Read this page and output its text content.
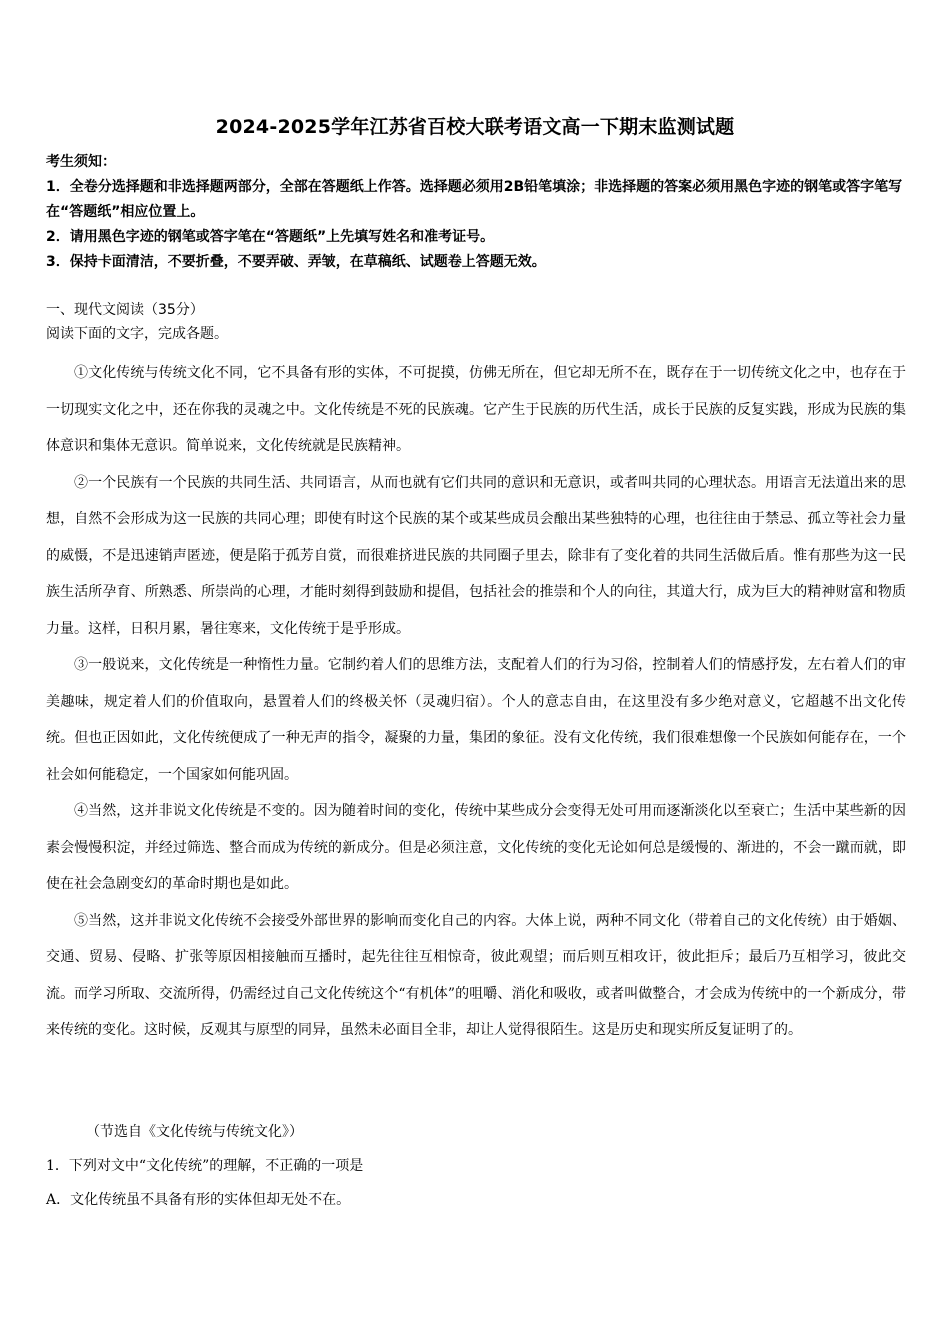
2024-2025学年江苏省百校大联考语文高一下期末监测试题
考生须知：
1．全卷分选择题和非选择题两部分，全部在答题纸上作答。选择题必须用2B铅笔填涂；非选择题的答案必须用黑色字迹的钢笔或答字笔写在“答题纸”相应位置上。
2．请用黑色字迹的钢笔或答字笔在“答题纸”上先填写姓名和准考证号。
3．保持卡面清洁，不要折叠，不要弄破、弄皱，在草稿纸、试题卷上答题无效。
一、现代文阅读（35分）
阅读下面的文字，完成各题。

①文化传统与传统文化不同，它不具备有形的实体，不可捉摸，仿佛无所在，但它却无所不在，既存在于一切传统文化之中，也存在于一切现实文化之中，还在你我的灵魂之中。文化传统是不死的民族魂。它产生于民族的历代生活，成长于民族的反复实践，形成为民族的集体意识和集体无意识。简单说来，文化传统就是民族精神。

②一个民族有一个民族的共同生活、共同语言，从而也就有它们共同的意识和无意识，或者叫共同的心理状态。用语言无法道出来的思想，自然不会形成为这一民族的共同心理；即使有时这个民族的某个或某些成员会酿出某些独特的心理，也往往由于禁忌、孤立等社会力量的威慑，不是迅速销声匿迹，便是陷于孤芳自赏，而很难挤进民族的共同圈子里去，除非有了变化着的共同生活做后盾。惟有那些为这一民族生活所孕育、所熟悉、所崇尚的心理，才能时刻得到鼓励和提倡，包括社会的推崇和个人的向往，其道大行，成为巨大的精神财富和物质力量。这样，日积月累，暑往寒来，文化传统于是乎形成。

③一般说来，文化传统是一种惰性力量。它制约着人们的思维方法，支配着人们的行为习俗，控制着人们的情感抒发，左右着人们的审美趣味，规定着人们的价值取向，悬置着人们的终极关怀（灵魂归宿）。个人的意志自由，在这里没有多少绝对意义，它超越不出文化传统。但也正因如此，文化传统便成了一种无声的指令，凝聚的力量，集团的象征。没有文化传统，我们很难想像一个民族如何能存在，一个社会如何能稳定，一个国家如何能巩固。

④当然，这并非说文化传统是不变的。因为随着时间的变化，传统中某些成分会变得无处可用而逐渐淡化以至衰亡；生活中某些新的因素会慢慢积淀，并经过筛选、整合而成为传统的新成分。但是必须注意，文化传统的变化无论如何总是缓慢的、渐进的，不会一蹴而就，即使在社会急剧变幻的革命时期也是如此。

⑤当然，这并非说文化传统不会接受外部世界的影响而变化自己的内容。大体上说，两种不同文化（带着自己的文化传统）由于婚姻、交通、贸易、侵略、扩张等原因相接触而互播时，起先往往互相惊奇，彼此观望；而后则互相攻讦，彼此拒斥；最后乃互相学习，彼此交流。而学习所取、交流所得，仍需经过自己文化传统这个“有机体”的咀嚼、消化和吸收，或者叫做整合，才会成为传统中的一个新成分，带来传统的变化。这时候，反观其与原型的同异，虽然未必面目全非，却让人觉得很陌生。这是历史和现实所反复证明了的。

（节选自《文化传统与传统文化》）
1．下列对文中“文化传统”的理解，不正确的一项是
A．文化传统虽不具备有形的实体但却无处不在。
